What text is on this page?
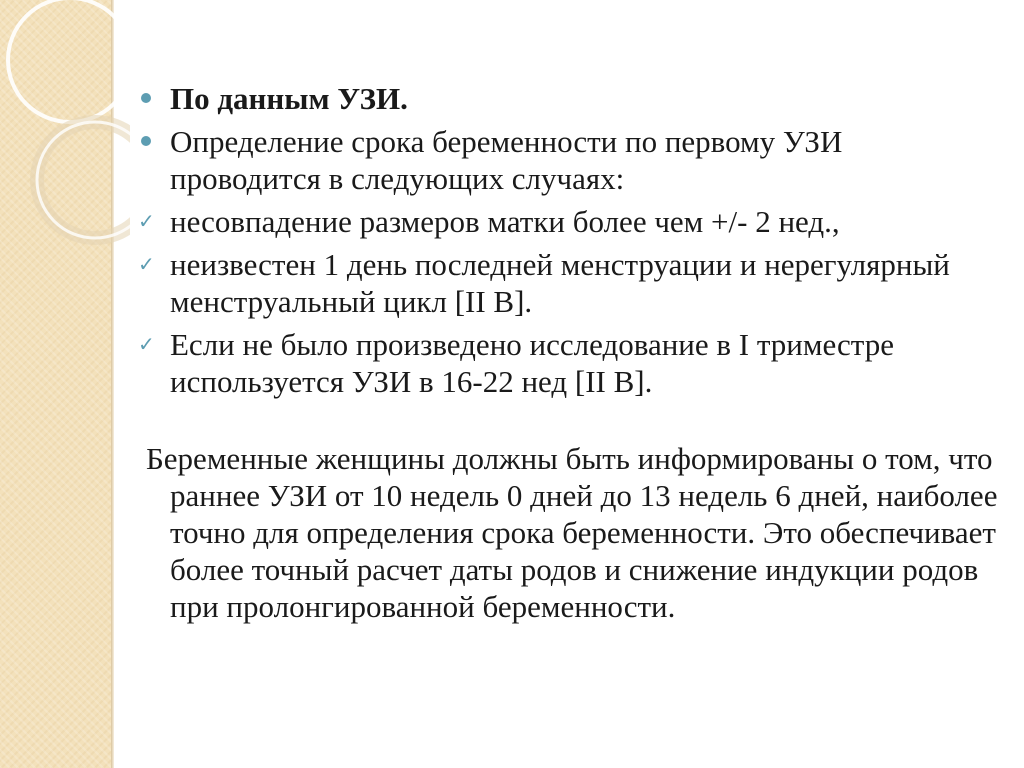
По данным УЗИ.
Определение срока беременности по первому УЗИ проводится в следующих случаях:
✓ несовпадение размеров матки более чем +/- 2 нед.,
✓ неизвестен 1 день последней менструации и нерегулярный менструальный цикл [II B].
✓ Если не было произведено исследование в I триместре используется УЗИ в 16-22 нед [II B].

Беременные женщины должны быть информированы о том, что раннее УЗИ от 10 недель 0 дней до 13 недель 6 дней, наиболее точно для определения срока беременности. Это обеспечивает более точный расчет даты родов и снижение индукции родов при пролонгированной беременности.
